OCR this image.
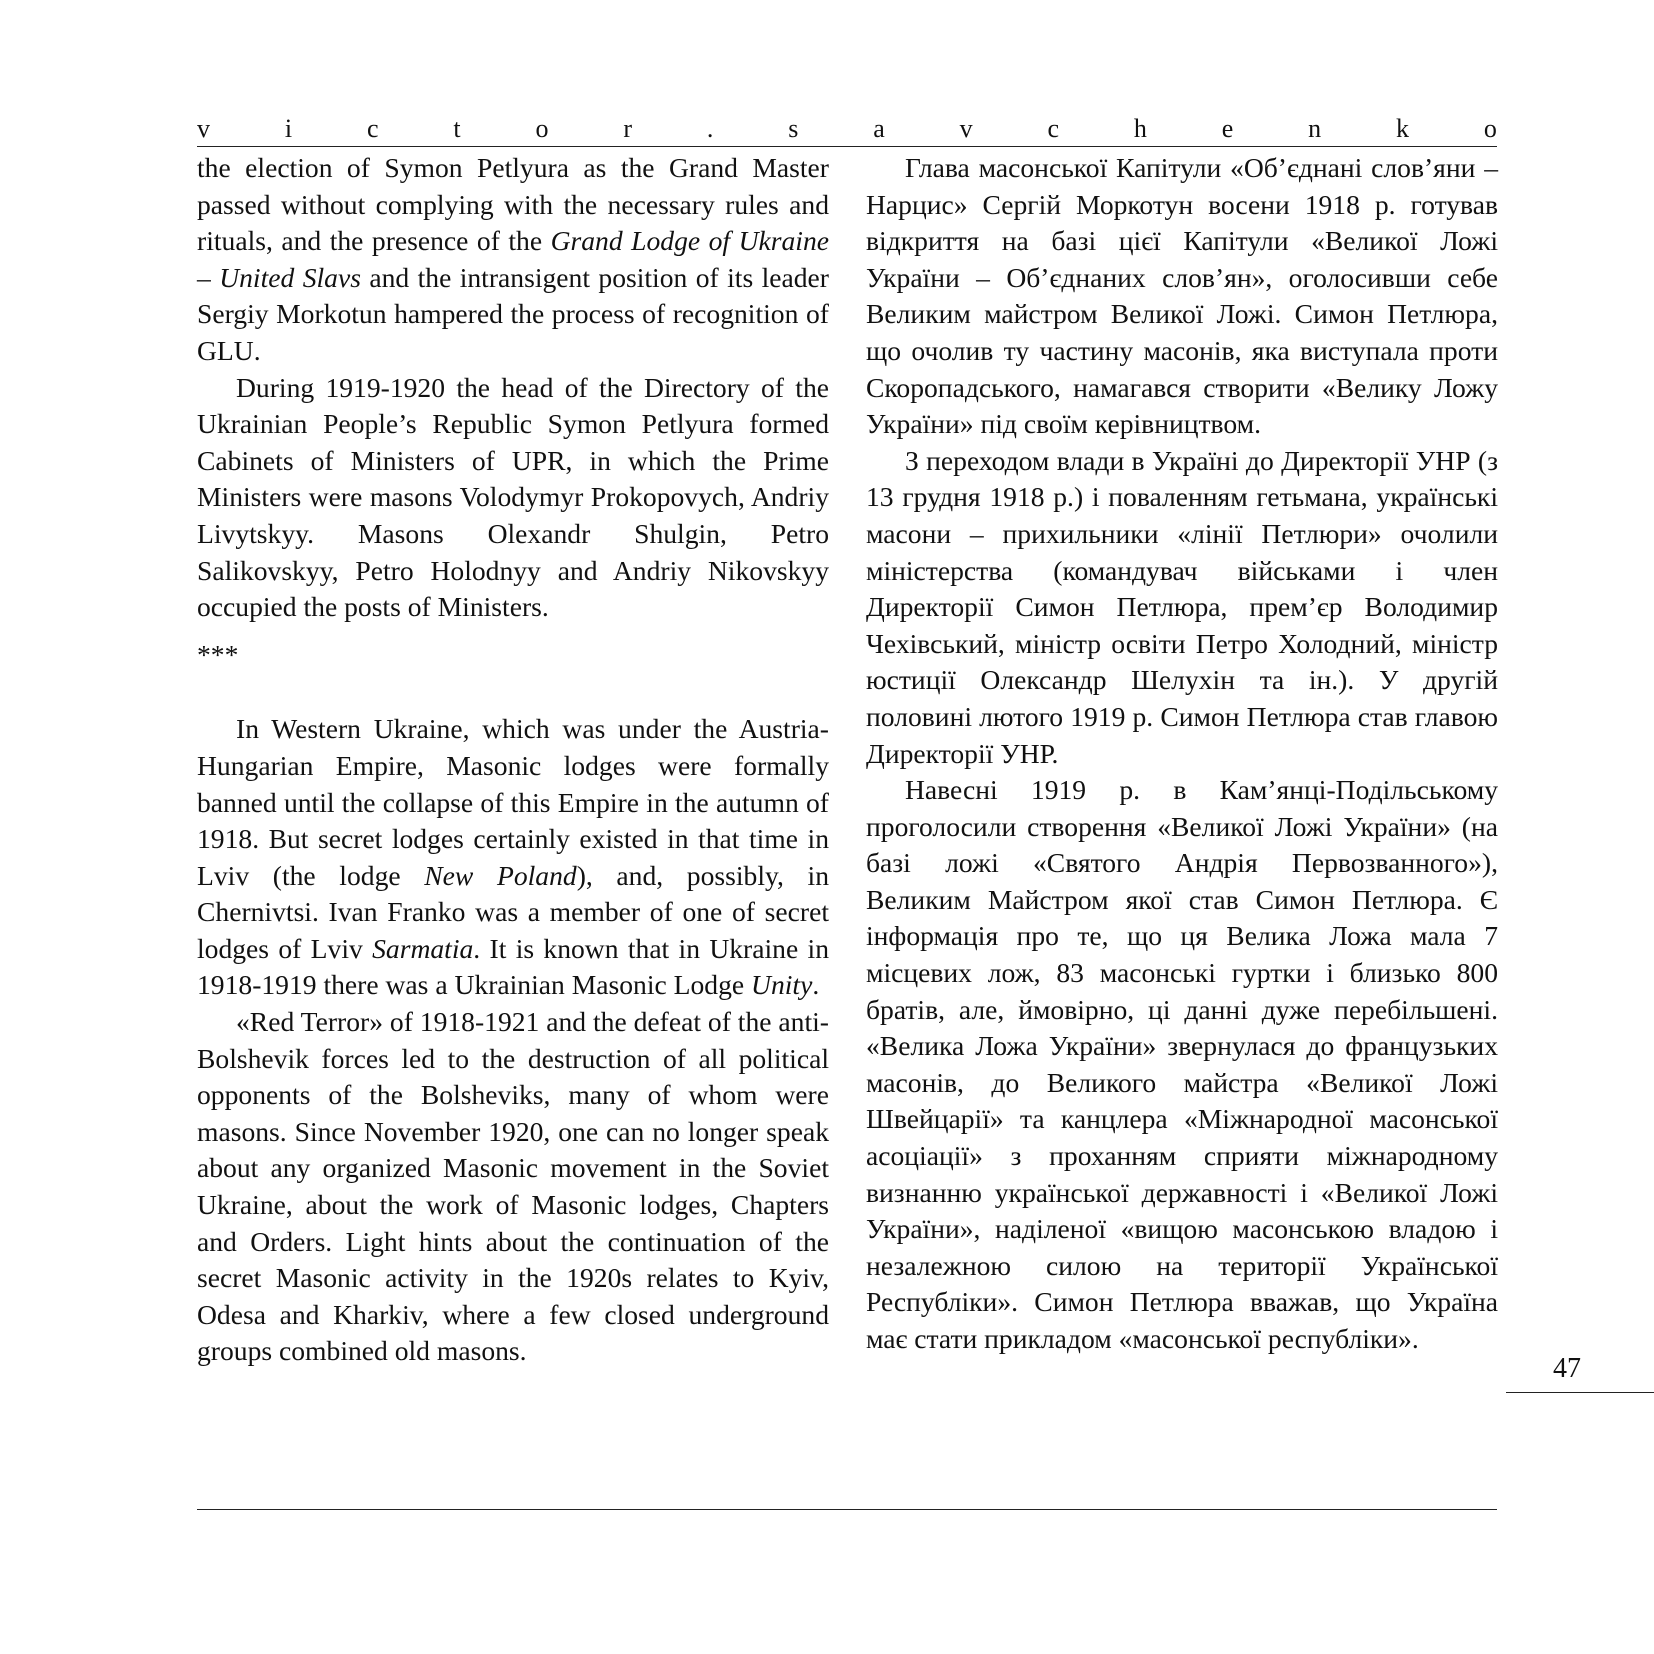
v	i	c	t	o	r	.	s	a	v	c	h	e	n	k	o

the election of Symon Petlyura as the Grand Master passed without complying with the necessary rules and rituals, and the presence of the Grand Lodge of Ukraine – United Slavs and the intransigent position of its leader Sergiy Morkotun hampered the process of recognition of GLU.

During 1919-1920 the head of the Directory of the Ukrainian People’s Republic Symon Petlyura formed Cabinets of Ministers of UPR, in which the Prime Ministers were masons Volodymyr Prokopovych, Andriy Livytskyy. Masons Olexandr Shulgin, Petro Salikovskyy, Petro Holodnyy and Andriy Nikovskyy occupied the posts of Ministers.

***

In Western Ukraine, which was under the Austria-Hungarian Empire, Masonic lodges were formally banned until the collapse of this Empire in the autumn of 1918. But secret lodges certainly existed in that time in Lviv (the lodge New Poland), and, possibly, in Chernivtsi. Ivan Franko was a member of one of secret lodges of Lviv Sarmatia. It is known that in Ukraine in 1918-1919 there was a Ukrainian Masonic Lodge Unity.

«Red Terror» of 1918-1921 and the defeat of the anti-Bolshevik forces led to the destruction of all political opponents of the Bolsheviks, many of whom were masons. Since November 1920, one can no longer speak about any organized Masonic movement in the Soviet Ukraine, about the work of Masonic lodges, Chapters and Orders. Light hints about the continuation of the secret Masonic activity in the 1920s relates to Kyiv, Odesa and Kharkiv, where a few closed underground groups combined old masons.

Глава масонської Капітули «Об’єднані слов’яни – Нарцис» Сергій Моркотун восени 1918 р. готував відкриття на базі цієї Капітули «Великої Ложі України – Об’єднаних слов’ян», оголосивши себе Великим майстром Великої Ложі. Симон Петлюра, що очолив ту частину масонів, яка виступала проти Скоропадського, намагався створити «Велику Ложу України» під своїм керівництвом.

З переходом влади в Україні до Директорії УНР (з 13 грудня 1918 р.) і поваленням гетьмана, українські масони – прихильники «лінії Петлюри» очолили міністерства (командувач військами і член Директорії Симон Петлюра, прем’єр Володимир Чехівський, міністр освіти Петро Холодний, міністр юстиції Олександр Шелухін та ін.). У другій половині лютого 1919 р. Симон Петлюра став главою Директорії УНР.

Навесні 1919 р. в Кам’янці-Подільському проголосили створення «Великої Ложі України» (на базі ложі «Святого Андрія Первозванного»), Великим Майстром якої став Симон Петлюра. Є інформація про те, що ця Велика Ложа мала 7 місцевих лож, 83 масонські гуртки і близько 800 братів, але, ймовірно, ці данні дуже перебільшені. «Велика Ложа України» звернулася до французьких масонів, до Великого майстра «Великої Ложі Швейцарії» та канцлера «Міжнародної масонської асоціації» з проханням сприяти міжнародному визнанню української державності і «Великої Ложі України», наділеної «вищою масонською владою і незалежною силою на території Української Республіки». Симон Петлюра вважав, що Україна має стати прикладом «масонської республіки».

47
